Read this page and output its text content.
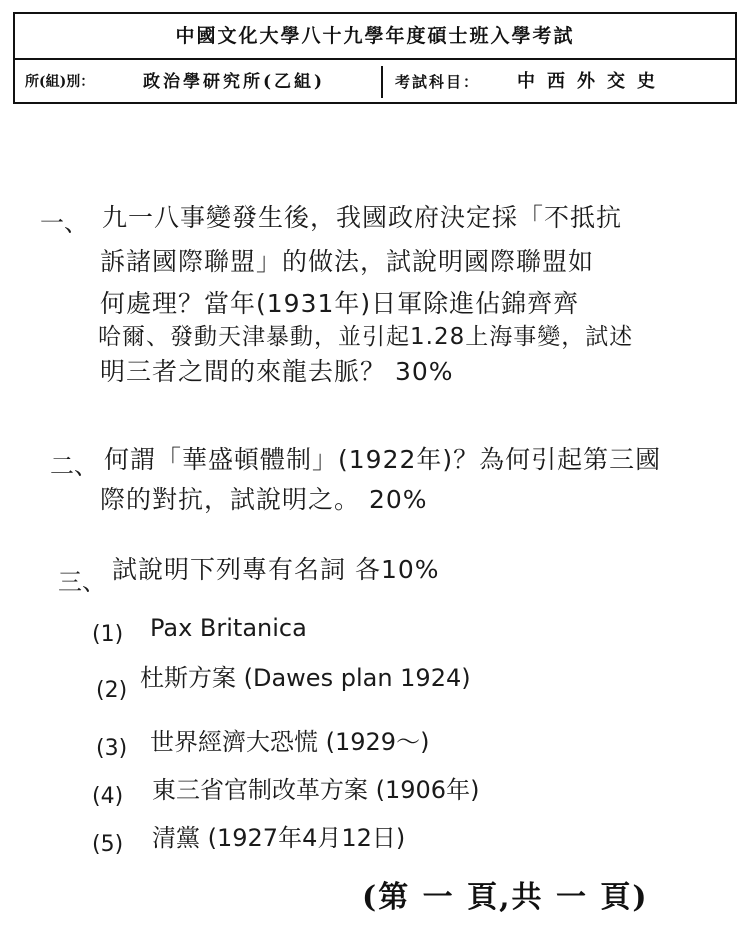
中國文化大學八十九學年度碩士班入學考試
所(組)別：	政治學研究所(乙組)	考試科目： 中西外交史
一、 九一八事變發生後，我國政府決定採「不抵抗
訴諸國際聯盟」的做法，試說明國際聯盟如
何處理？當年(1931年)日軍除進佔錦齊齊
哈爾、發動天津暴動，並引起1.28上海事變，試述
明三者之間的來龍去脈？ 30%
二、 何謂「華盛頓體制」(1922年)？為何引起第三國
際的對抗，試說明之。 20%
三、 試說明下列專有名詞 各10%
(1) Pax Britanica
(2) 杜斯方案 (Dawes plan 1924)
(3) 世界經濟大恐慌 (1929～)
(4) 東三省官制改革方案 (1906年)
(5) 清黨 (1927年4月12日)
(第 一 頁,共 一 頁)
